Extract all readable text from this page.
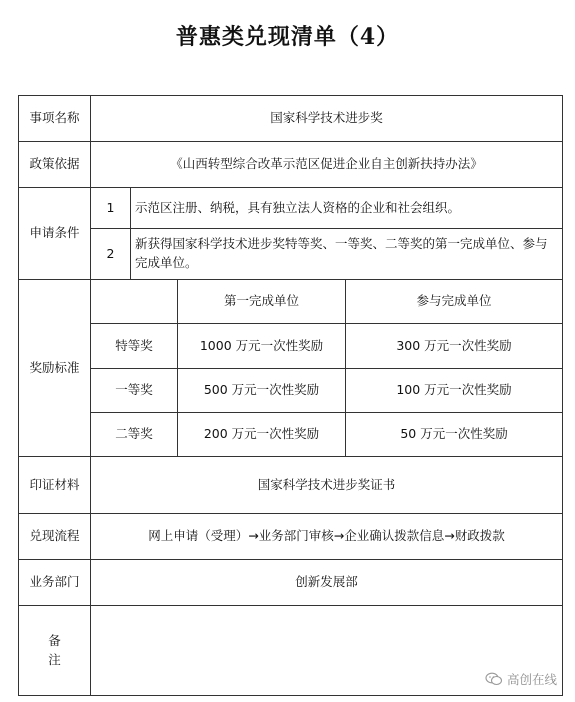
普惠类兑现清单（4）
事项名称	国家科学技术进步奖			
政策依据	《山西转型综合改革示范区促进企业自主创新扶持办法》			
申请条件	1	示范区注册、纳税，具有独立法人资格的企业和社会组织。		
	2	新获得国家科学技术进步奖特等奖、一等奖、二等奖的第一完成单位、参与完成单位。		
奖励标准			第一完成单位	参与完成单位
	特等奖		1000 万元一次性奖励	300 万元一次性奖励
	一等奖		500 万元一次性奖励	100 万元一次性奖励
	二等奖		200 万元一次性奖励	50 万元一次性奖励
印证材料	国家科学技术进步奖证书			
兑现流程	网上申请（受理）→业务部门审核→企业确认拨款信息→财政拨款			
业务部门	创新发展部			
备注				
高创在线
